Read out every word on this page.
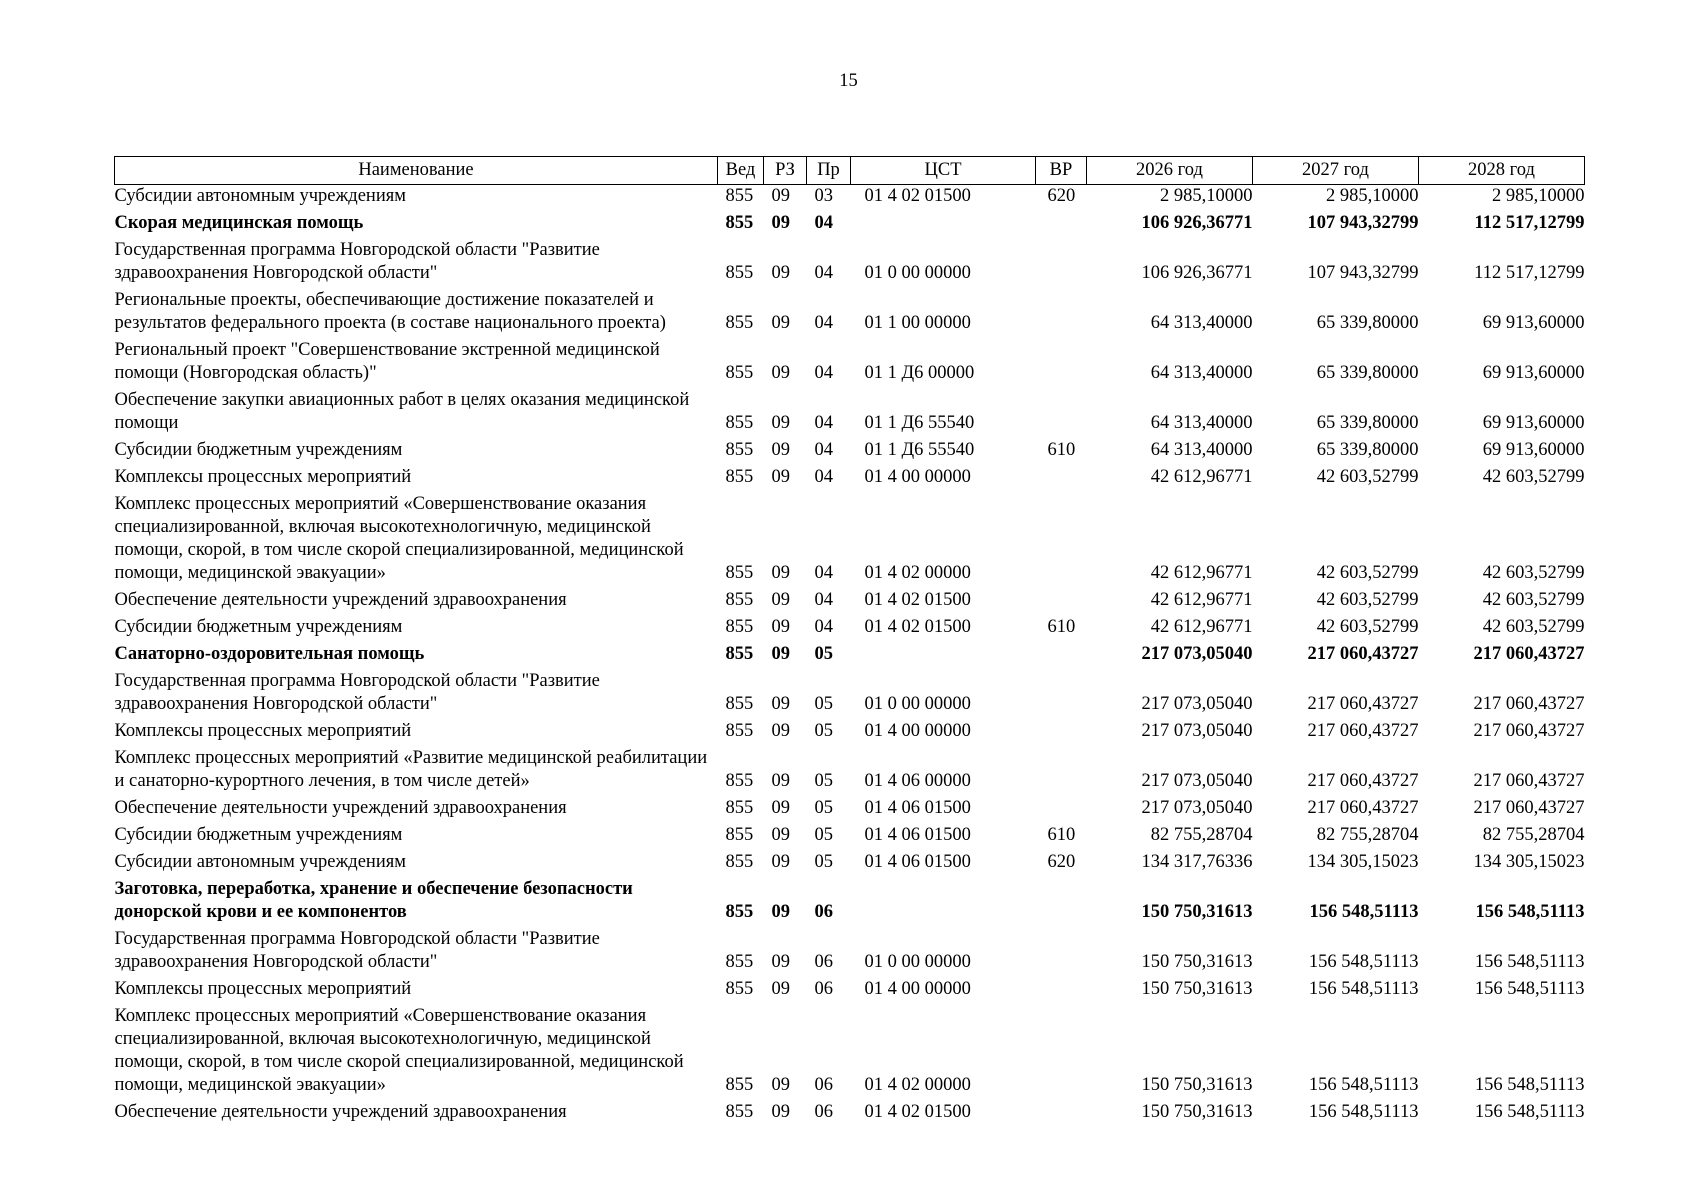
15
Наименование	Вед	РЗ	Пр	ЦСТ	ВР	2026 год	2027 год	2028 год
Субсидии автономным учреждениям	855	09	03	01 4 02 01500	620	2 985,10000	2 985,10000	2 985,10000
Скорая медицинская помощь	855	09	04			106 926,36771	107 943,32799	112 517,12799
Государственная программа Новгородской области "Развитие здравоохранения Новгородской области"	855	09	04	01 0 00 00000		106 926,36771	107 943,32799	112 517,12799
Региональные проекты, обеспечивающие достижение показателей и результатов федерального проекта (в составе национального проекта)	855	09	04	01 1 00 00000		64 313,40000	65 339,80000	69 913,60000
Региональный проект "Совершенствование экстренной медицинской помощи (Новгородская область)"	855	09	04	01 1 Д6 00000		64 313,40000	65 339,80000	69 913,60000
Обеспечение закупки авиационных работ в целях оказания медицинской помощи	855	09	04	01 1 Д6 55540		64 313,40000	65 339,80000	69 913,60000
Субсидии бюджетным учреждениям	855	09	04	01 1 Д6 55540	610	64 313,40000	65 339,80000	69 913,60000
Комплексы процессных мероприятий	855	09	04	01 4 00 00000		42 612,96771	42 603,52799	42 603,52799
Комплекс процессных мероприятий «Совершенствование оказания специализированной, включая высокотехнологичную, медицинской помощи, скорой, в том числе скорой специализированной, медицинской помощи, медицинской эвакуации»	855	09	04	01 4 02 00000		42 612,96771	42 603,52799	42 603,52799
Обеспечение деятельности учреждений здравоохранения	855	09	04	01 4 02 01500		42 612,96771	42 603,52799	42 603,52799
Субсидии бюджетным учреждениям	855	09	04	01 4 02 01500	610	42 612,96771	42 603,52799	42 603,52799
Санаторно-оздоровительная помощь	855	09	05			217 073,05040	217 060,43727	217 060,43727
Государственная программа Новгородской области "Развитие здравоохранения Новгородской области"	855	09	05	01 0 00 00000		217 073,05040	217 060,43727	217 060,43727
Комплексы процессных мероприятий	855	09	05	01 4 00 00000		217 073,05040	217 060,43727	217 060,43727
Комплекс процессных мероприятий «Развитие медицинской реабилитации и санаторно-курортного лечения, в том числе детей»	855	09	05	01 4 06 00000		217 073,05040	217 060,43727	217 060,43727
Обеспечение деятельности учреждений здравоохранения	855	09	05	01 4 06 01500		217 073,05040	217 060,43727	217 060,43727
Субсидии бюджетным учреждениям	855	09	05	01 4 06 01500	610	82 755,28704	82 755,28704	82 755,28704
Субсидии автономным учреждениям	855	09	05	01 4 06 01500	620	134 317,76336	134 305,15023	134 305,15023
Заготовка, переработка, хранение и обеспечение безопасности донорской крови и ее компонентов	855	09	06			150 750,31613	156 548,51113	156 548,51113
Государственная программа Новгородской области "Развитие здравоохранения Новгородской области"	855	09	06	01 0 00 00000		150 750,31613	156 548,51113	156 548,51113
Комплексы процессных мероприятий	855	09	06	01 4 00 00000		150 750,31613	156 548,51113	156 548,51113
Комплекс процессных мероприятий «Совершенствование оказания специализированной, включая высокотехнологичную, медицинской помощи, скорой, в том числе скорой специализированной, медицинской помощи, медицинской эвакуации»	855	09	06	01 4 02 00000		150 750,31613	156 548,51113	156 548,51113
Обеспечение деятельности учреждений здравоохранения	855	09	06	01 4 02 01500		150 750,31613	156 548,51113	156 548,51113
